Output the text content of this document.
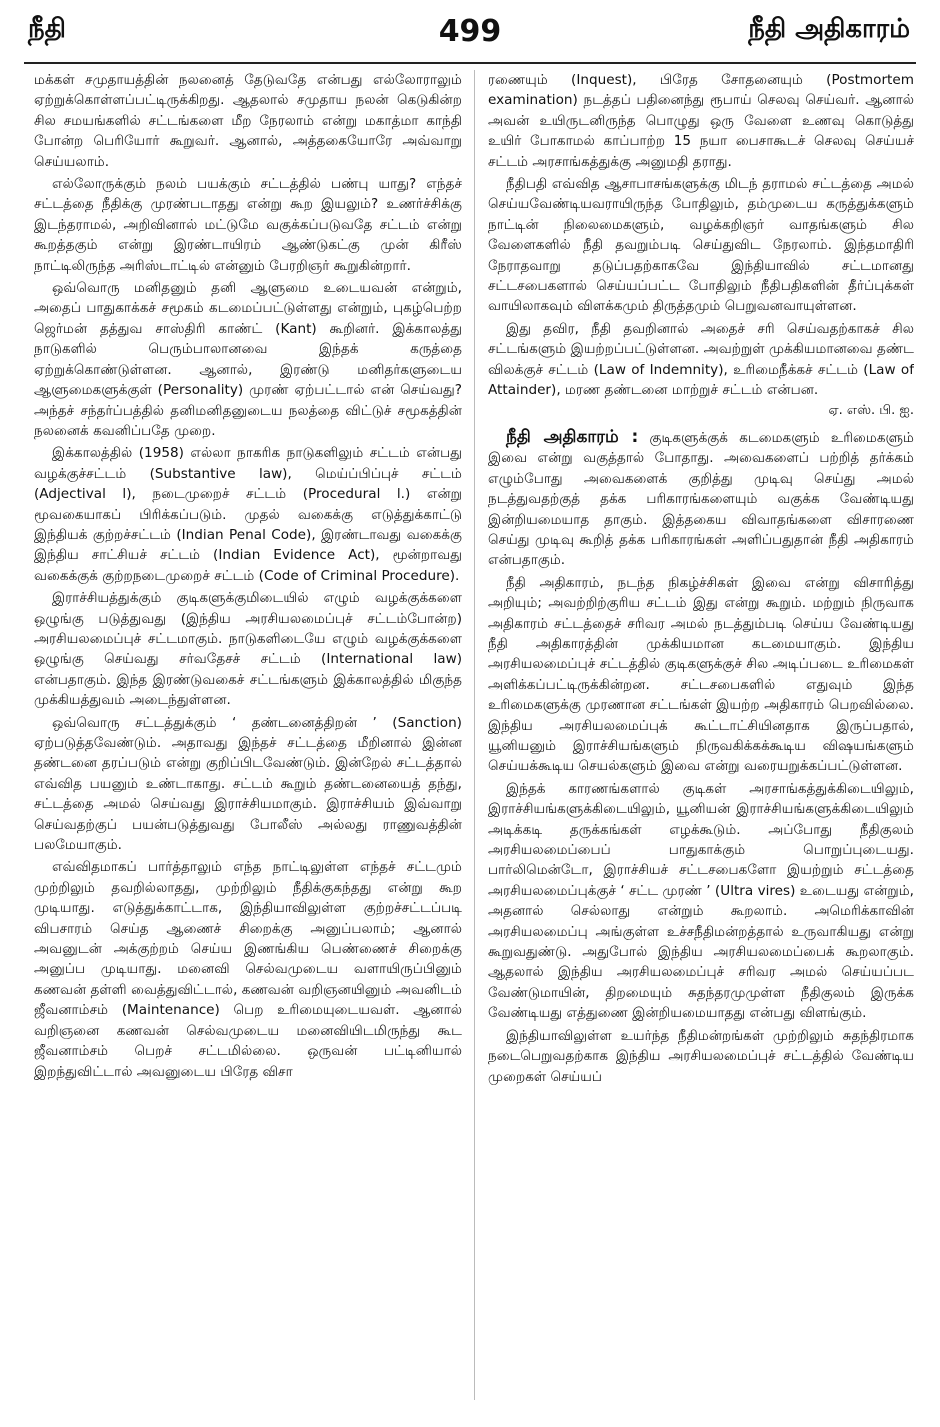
நீதி	499	நீதி அதிகாரம்

மக்கள் சமுதாயத்தின் நலனைத் தேடுவதே என்பது எல்லோராலும் ஏற்றுக்கொள்ளப்பட்டிருக்கிறது. ஆதலால் சமுதாய நலன் கெடுகின்ற சில சமயங்களில் சட்டங்களை மீற நேரலாம் என்று மகாத்மா காந்தி போன்ற பெரியோர் கூறுவர். ஆனால், அத்தகையோரே அவ்வாறு செய்யலாம்.

எல்லோருக்கும் நலம் பயக்கும் சட்டத்தில் பண்பு யாது? எந்தச் சட்டத்தை நீதிக்கு முரண்படாதது என்று கூற இயலும்? உணர்ச்சிக்கு இடந்தராமல், அறிவினால் மட்டுமே வகுக்கப்படுவதே சட்டம் என்று கூறத்தகும் என்று இரண்டாயிரம் ஆண்டுகட்கு முன் கிரீஸ் நாட்டிலிருந்த அரிஸ்டாட்டில் என்னும் பேரறிஞர் கூறுகின்றார்.

ஒவ்வொரு மனிதனும் தனி ஆளுமை உடையவன் என்றும், அதைப் பாதுகாக்கச் சமூகம் கடமைப்பட்டுள்ளது என்றும், புகழ்பெற்ற ஜெர்மன் தத்துவ சாஸ்திரி காண்ட் (Kant) கூறினர். இக்காலத்து நாடுகளில் பெரும்பாலானவை இந்தக் கருத்தை ஏற்றுக்கொண்டுள்ளன. ஆனால், இரண்டு மனிதர்களுடைய ஆளுமைகளுக்குள் (Personality) முரண் ஏற்பட்டால் என் செய்வது? அந்தச் சந்தர்ப்பத்தில் தனிமனிதனுடைய நலத்தை விட்டுச் சமூகத்தின் நலனைக் கவனிப்பதே முறை.

இக்காலத்தில் (1958) எல்லா நாகரிக நாடுகளிலும் சட்டம் என்பது வழக்குச்சட்டம் (Substantive law), மெய்ப்பிப்புச் சட்டம் (Adjectival l), நடைமுறைச் சட்டம் (Procedural l.) என்று மூவகையாகப் பிரிக்கப்படும். முதல் வகைக்கு எடுத்துக்காட்டு இந்தியக் குற்றச்சட்டம் (Indian Penal Code), இரண்டாவது வகைக்கு இந்திய சாட்சியச் சட்டம் (Indian Evidence Act), மூன்றாவது வகைக்குக் குற்றநடைமுறைச் சட்டம் (Code of Criminal Procedure).

இராச்சியத்துக்கும் குடிகளுக்குமிடையில் எழும் வழக்குக்களை ஒழுங்கு படுத்துவது (இந்திய அரசியலமைப்புச் சட்டம்போன்ற) அரசியலமைப்புச் சட்டமாகும். நாடுகளிடையே எழும் வழக்குக்களை ஒழுங்கு செய்வது சர்வதேசச் சட்டம் (International law) என்பதாகும். இந்த இரண்டுவகைச் சட்டங்களும் இக்காலத்தில் மிகுந்த முக்கியத்துவம் அடைந்துள்ளன.

ஒவ்வொரு சட்டத்துக்கும் ‘ தண்டனைத்திறன் ’ (Sanction) ஏற்படுத்தவேண்டும். அதாவது இந்தச் சட்டத்தை மீறினால் இன்ன தண்டனை தரப்படும் என்று குறிப்பிடவேண்டும். இன்றேல் சட்டத்தால் எவ்வித பயனும் உண்டாகாது. சட்டம் கூறும் தண்டனையைத் தந்து, சட்டத்தை அமல் செய்வது இராச்சியமாகும். இராச்சியம் இவ்வாறு செய்வதற்குப் பயன்படுத்துவது போலீஸ் அல்லது ராணுவத்தின் பலமேயாகும்.

எவ்விதமாகப் பார்த்தாலும் எந்த நாட்டிலுள்ள எந்தச் சட்டமும் முற்றிலும் தவறில்லாதது, முற்றிலும் நீதிக்குகந்தது என்று கூற முடியாது. எடுத்துக்காட்டாக, இந்தியாவிலுள்ள குற்றச்சட்டப்படி விபசாரம் செய்த ஆணைச் சிறைக்கு அனுப்பலாம்; ஆனால் அவனுடன் அக்குற்றம் செய்ய இணங்கிய பெண்ணைச் சிறைக்கு அனுப்ப முடியாது. மனைவி செல்வமுடைய வளாயிருப்பினும் கணவன் தள்ளி வைத்துவிட்டால், கணவன் வறிஞனயினும் அவனிடம் ஜீவனாம்சம் (Maintenance) பெற உரிமையுடையவள். ஆனால் வறிஞனை கணவன் செல்வமுடைய மனைவியிடமிருந்து கூட ஜீவனாம்சம் பெறச் சட்டமில்லை. ஒருவன் பட்டினியால் இறந்துவிட்டால் அவனுடைய பிரேத விசா

ரணையும் (Inquest), பிரேத சோதனையும் (Postmortem examination) நடத்தப் பதினைந்து ரூபாய் செலவு செய்வர். ஆனால் அவன் உயிருடனிருந்த பொழுது ஒரு வேளை உணவு கொடுத்து உயிர் போகாமல் காப்பாற்ற 15 நயா பைசாகூடச் செலவு செய்யச் சட்டம் அரசாங்கத்துக்கு அனுமதி தராது.

நீதிபதி எவ்வித ஆசாபாசங்களுக்கு மிடந் தராமல் சட்டத்தை அமல் செய்யவேண்டியவராயிருந்த போதிலும், தம்முடைய கருத்துக்களும் நாட்டின் நிலைமைகளும், வழக்கறிஞர் வாதங்களும் சில வேளைகளில் நீதி தவறும்படி செய்துவிட நேரலாம். இந்தமாதிரி நேராதவாறு தடுப்பதற்காகவே இந்தியாவில் சட்டமானது சட்டசபைகளால் செய்யப்பட்ட போதிலும் நீதிபதிகளின் தீர்ப்புக்கள் வாயிலாகவும் விளக்கமும் திருத்தமும் பெறுவனவாயுள்ளன.

இது தவிர, நீதி தவறினால் அதைச் சரி செய்வதற்காகச் சில சட்டங்களும் இயற்றப்பட்டுள்ளன. அவற்றுள் முக்கியமானவை தண்ட விலக்குச் சட்டம் (Law of Indemnity), உரிமைநீக்கச் சட்டம் (Law of Attainder), மரண தண்டனை மாற்றுச் சட்டம் என்பன.

ஏ. எஸ். பி. ஐ.

நீதி அதிகாரம் : குடிகளுக்குக் கடமைகளும் உரிமைகளும் இவை என்று வகுத்தால் போதாது. அவைகளைப் பற்றித் தர்க்கம் எழும்போது அவைகளைக் குறித்து முடிவு செய்து அமல் நடத்துவதற்குத் தக்க பரிகாரங்களையும் வகுக்க வேண்டியது இன்றியமையாத தாகும். இத்தகைய விவாதங்களை விசாரணை செய்து முடிவு கூறித் தக்க பரிகாரங்கள் அளிப்பதுதான் நீதி அதிகாரம் என்பதாகும்.

நீதி அதிகாரம், நடந்த நிகழ்ச்சிகள் இவை என்று விசாரித்து அறியும்; அவற்றிற்குரிய சட்டம் இது என்று கூறும். மற்றும் நிருவாக அதிகாரம் சட்டத்தைச் சரிவர அமல் நடத்தும்படி செய்ய வேண்டியது நீதி அதிகாரத்தின் முக்கியமான கடமையாகும். இந்திய அரசியலமைப்புச் சட்டத்தில் குடிகளுக்குச் சில அடிப்படை உரிமைகள் அளிக்கப்பட்டிருக்கின்றன. சட்டசபைகளில் எதுவும் இந்த உரிமைகளுக்கு முரணான சட்டங்கள் இயற்ற அதிகாரம் பெறவில்லை. இந்திய அரசியலமைப்புக் கூட்டாட்சியினதாக இருப்பதால், யூனியனும் இராச்சியங்களும் நிருவகிக்கக்கூடிய விஷயங்களும் செய்யக்கூடிய செயல்களும் இவை என்று வரையறுக்கப்பட்டுள்ளன.

இந்தக் காரணங்களால் குடிகள் அரசாங்கத்துக்கிடையிலும், இராச்சியங்களுக்கிடையிலும், யூனியன் இராச்சியங்களுக்கிடையிலும் அடிக்கடி தருக்கங்கள் எழக்கூடும். அப்போது நீதிகுலம் அரசியலமைப்பைப் பாதுகாக்கும் பொறுப்புடையது. பார்லிமென்டோ, இராச்சியச் சட்டசபைகளோ இயற்றும் சட்டத்தை அரசியலமைப்புக்குச் ‘ சட்ட முரண் ’ (Ultra vires) உடையது என்றும், அதனால் செல்லாது என்றும் கூறலாம். அமெரிக்காவின் அரசியலமைப்பு அங்குள்ள உச்சநீதிமன்றத்தால் உருவாகியது என்று கூறுவதுண்டு. அதுபோல் இந்திய அரசியலமைப்பைக் கூறலாகும். ஆதலால் இந்திய அரசியலமைப்புச் சரிவர அமல் செய்யப்பட வேண்டுமாயின், திறமையும் சுதந்தரமுமுள்ள நீதிகுலம் இருக்க வேண்டியது எத்துணை இன்றியமையாதது என்பது விளங்கும்.

இந்தியாவிலுள்ள உயர்ந்த நீதிமன்றங்கள் முற்றிலும் சுதந்திரமாக நடைபெறுவதற்காக இந்திய அரசியலமைப்புச் சட்டத்தில் வேண்டிய முறைகள் செய்யப்
